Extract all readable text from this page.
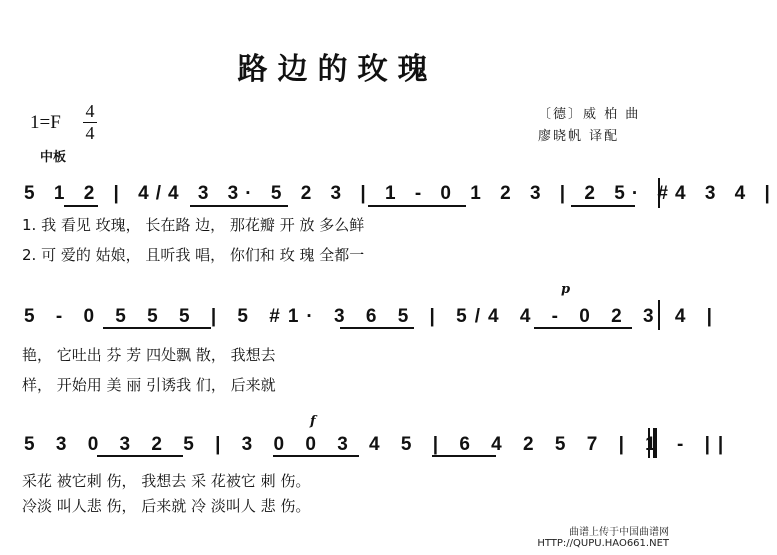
路边的玫瑰
1=F
4
4
中板
〔德〕威 柏 曲
廖晓帆 译配
5 1 2 | 4/4 3 3· 5 2 3 | 1 - 0 1 2 3 | 2 5· #4 3 4 |
1. 我 看见 玫瑰， 长在路 边， 那花瓣 开 放 多么鲜
2. 可 爱的 姑娘， 且听我 唱， 你们和 玫 瑰 全都一
p
5 - 0 5 5 5 | 5 #1· 3 6 5 | 5/4 4 - 0 2 3 4 |
艳， 它吐出 芬 芳 四处飘 散， 我想去
样， 开始用 美 丽 引诱我 们， 后来就
f
5 3 0 3 2 5 | 3 0 0 3 4 5 | 6 4 2 5 7 | 1 - ||
采花 被它刺 伤， 我想去 采 花被它 刺 伤。
冷淡 叫人悲 伤， 后来就 冷 淡叫人 悲 伤。
曲谱上传于中国曲谱网
HTTP://QUPU.HAO661.NET
